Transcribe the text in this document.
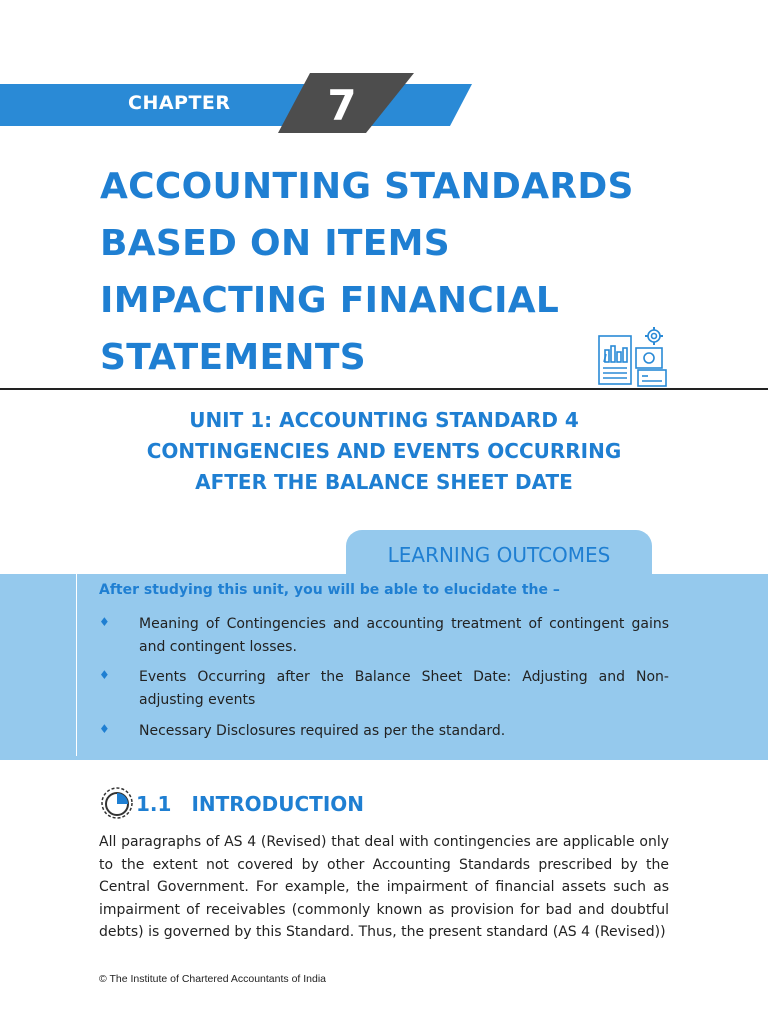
CHAPTER 7
ACCOUNTING STANDARDS
BASED ON ITEMS
IMPACTING FINANCIAL
STATEMENTS
UNIT 1: ACCOUNTING STANDARD 4
CONTINGENCIES AND EVENTS OCCURRING
AFTER THE BALANCE SHEET DATE
LEARNING OUTCOMES
After studying this unit, you will be able to elucidate the –
♦ Meaning of Contingencies and accounting treatment of contingent gains and contingent losses.
♦ Events Occurring after the Balance Sheet Date: Adjusting and Non-adjusting events
♦ Necessary Disclosures required as per the standard.
1.1 INTRODUCTION

All paragraphs of AS 4 (Revised) that deal with contingencies are applicable only to the extent not covered by other Accounting Standards prescribed by the Central Government. For example, the impairment of financial assets such as impairment of receivables (commonly known as provision for bad and doubtful debts) is governed by this Standard. Thus, the present standard (AS 4 (Revised))

© The Institute of Chartered Accountants of India
